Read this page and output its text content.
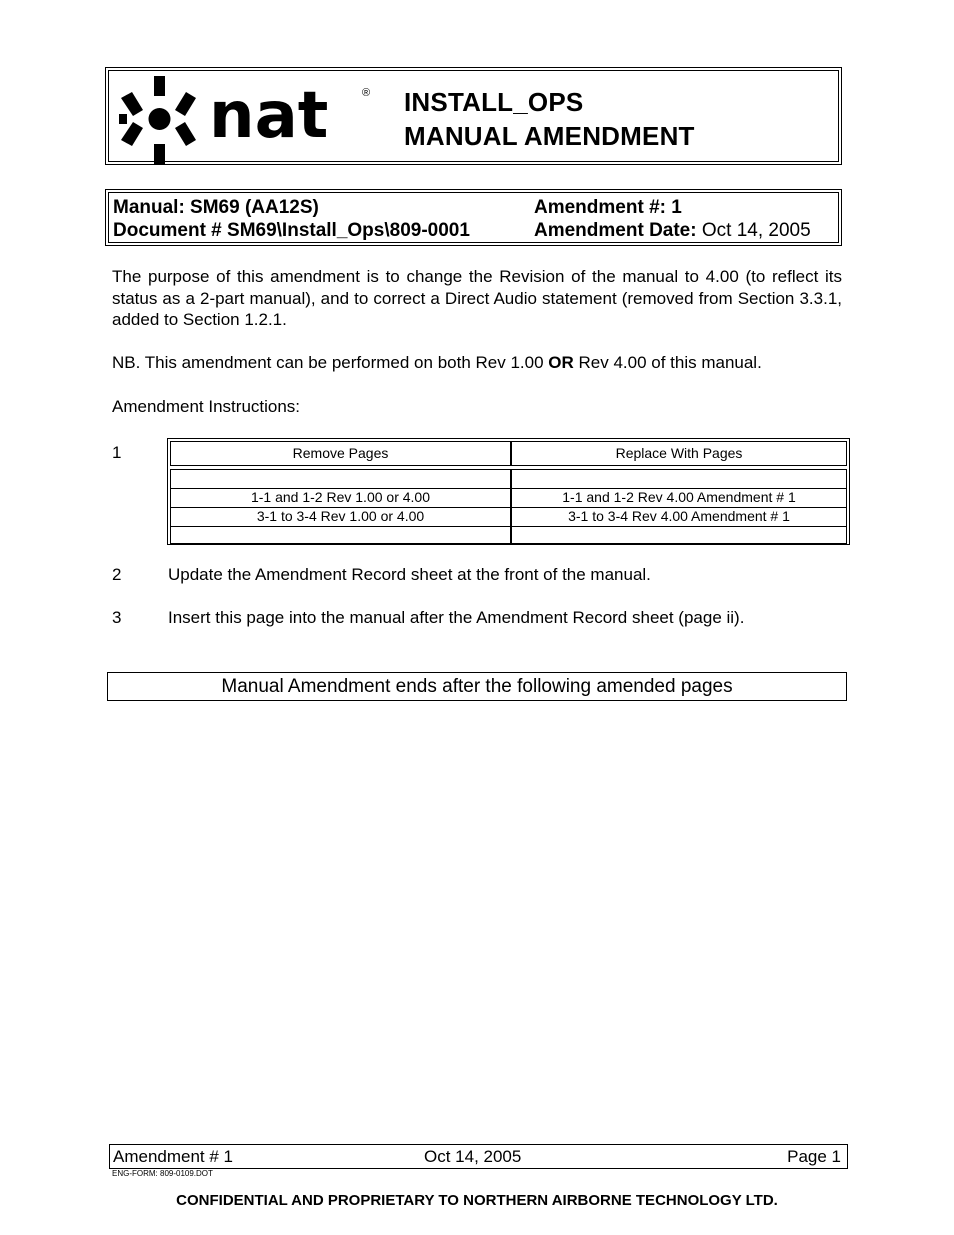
nat	® INSTALL_OPS
MANUAL AMENDMENT
Manual: SM69 (AA12S)
Document # SM69\Install_Ops\809-0001
Amendment #: 1
Amendment Date: Oct 14, 2005
The purpose of this amendment is to change the Revision of the manual to 4.00 (to reflect its status as a 2-part manual), and to correct a Direct Audio statement (removed from Section 3.3.1, added to Section 1.2.1.
NB. This amendment can be performed on both Rev 1.00 OR Rev 4.00 of this manual.
Amendment Instructions:
1	Remove Pages	Replace With Pages
1-1 and 1-2 Rev 1.00 or 4.00	1-1 and 1-2 Rev 4.00 Amendment # 1
3-1 to 3-4 Rev 1.00 or 4.00	3-1 to 3-4 Rev 4.00 Amendment # 1
2	Update the Amendment Record sheet at the front of the manual.
3	Insert this page into the manual after the Amendment Record sheet (page ii).
Manual Amendment ends after the following amended pages
Amendment # 1	Oct 14, 2005	Page 1
ENG-FORM: 809-0109.DOT
CONFIDENTIAL AND PROPRIETARY TO NORTHERN AIRBORNE TECHNOLOGY LTD.
